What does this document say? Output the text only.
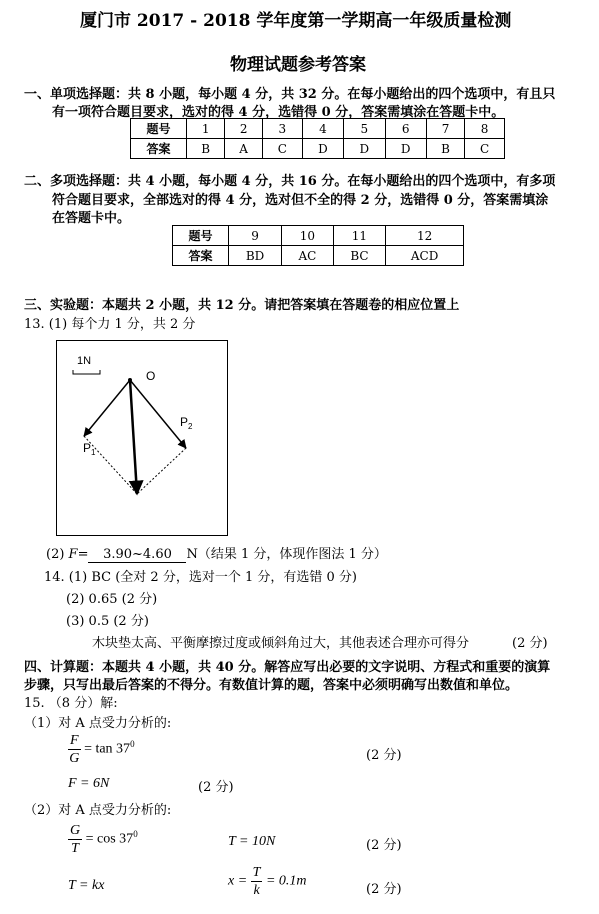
厦门市 2017 - 2018 学年度第一学期高一年级质量检测
物理试题参考答案
一、单项选择题：共 8 小题，每小题 4 分，共 32 分。在每小题给出的四个选项中，有且只
有一项符合题目要求，选对的得 4 分，选错得 0 分，答案需填涂在答题卡中。
题号	1	2	3	4	5	6	7	8
答案	B	A	C	D	D	D	B	C
二、多项选择题：共 4 小题，每小题 4 分，共 16 分。在每小题给出的四个选项中，有多项
符合题目要求，全部选对的得 4 分，选对但不全的得 2 分，选错得 0 分，答案需填涂
在答题卡中。
题号	9	10	11	12
答案	BD	AC	BC	ACD
三、实验题：本题共 2 小题，共 12 分。请把答案填在答题卷的相应位置上
13. (1) 每个力 1 分，共 2 分
1N
O
$P_1$
$P_2$
(2) F= 3.90~4.60 N（结果 1 分，体现作图法 1 分）
14. (1) BC (全对 2 分，选对一个 1 分，有选错 0 分)
(2) 0.65 (2 分)
(3) 0.5 (2 分)
木块垫太高、平衡摩擦过度或倾斜角过大，其他表述合理亦可得分	(2 分)
四、计算题：本题共 4 小题，共 40 分。解答应写出必要的文字说明、方程式和重要的演算
步骤，只写出最后答案的不得分。有数值计算的题，答案中必须明确写出数值和单位。
15. （8 分）解:
（1）对 A 点受力分析的:
$\frac{F}{G} = \tan 37^0$
(2 分)
F = 6N	(2 分)
（2）对 A 点受力分析的:
$\frac{G}{T} = \cos 37^0$	T = 10N	(2 分)
T = kx	$x = \frac{T}{k} = 0.1m$
(2 分)
